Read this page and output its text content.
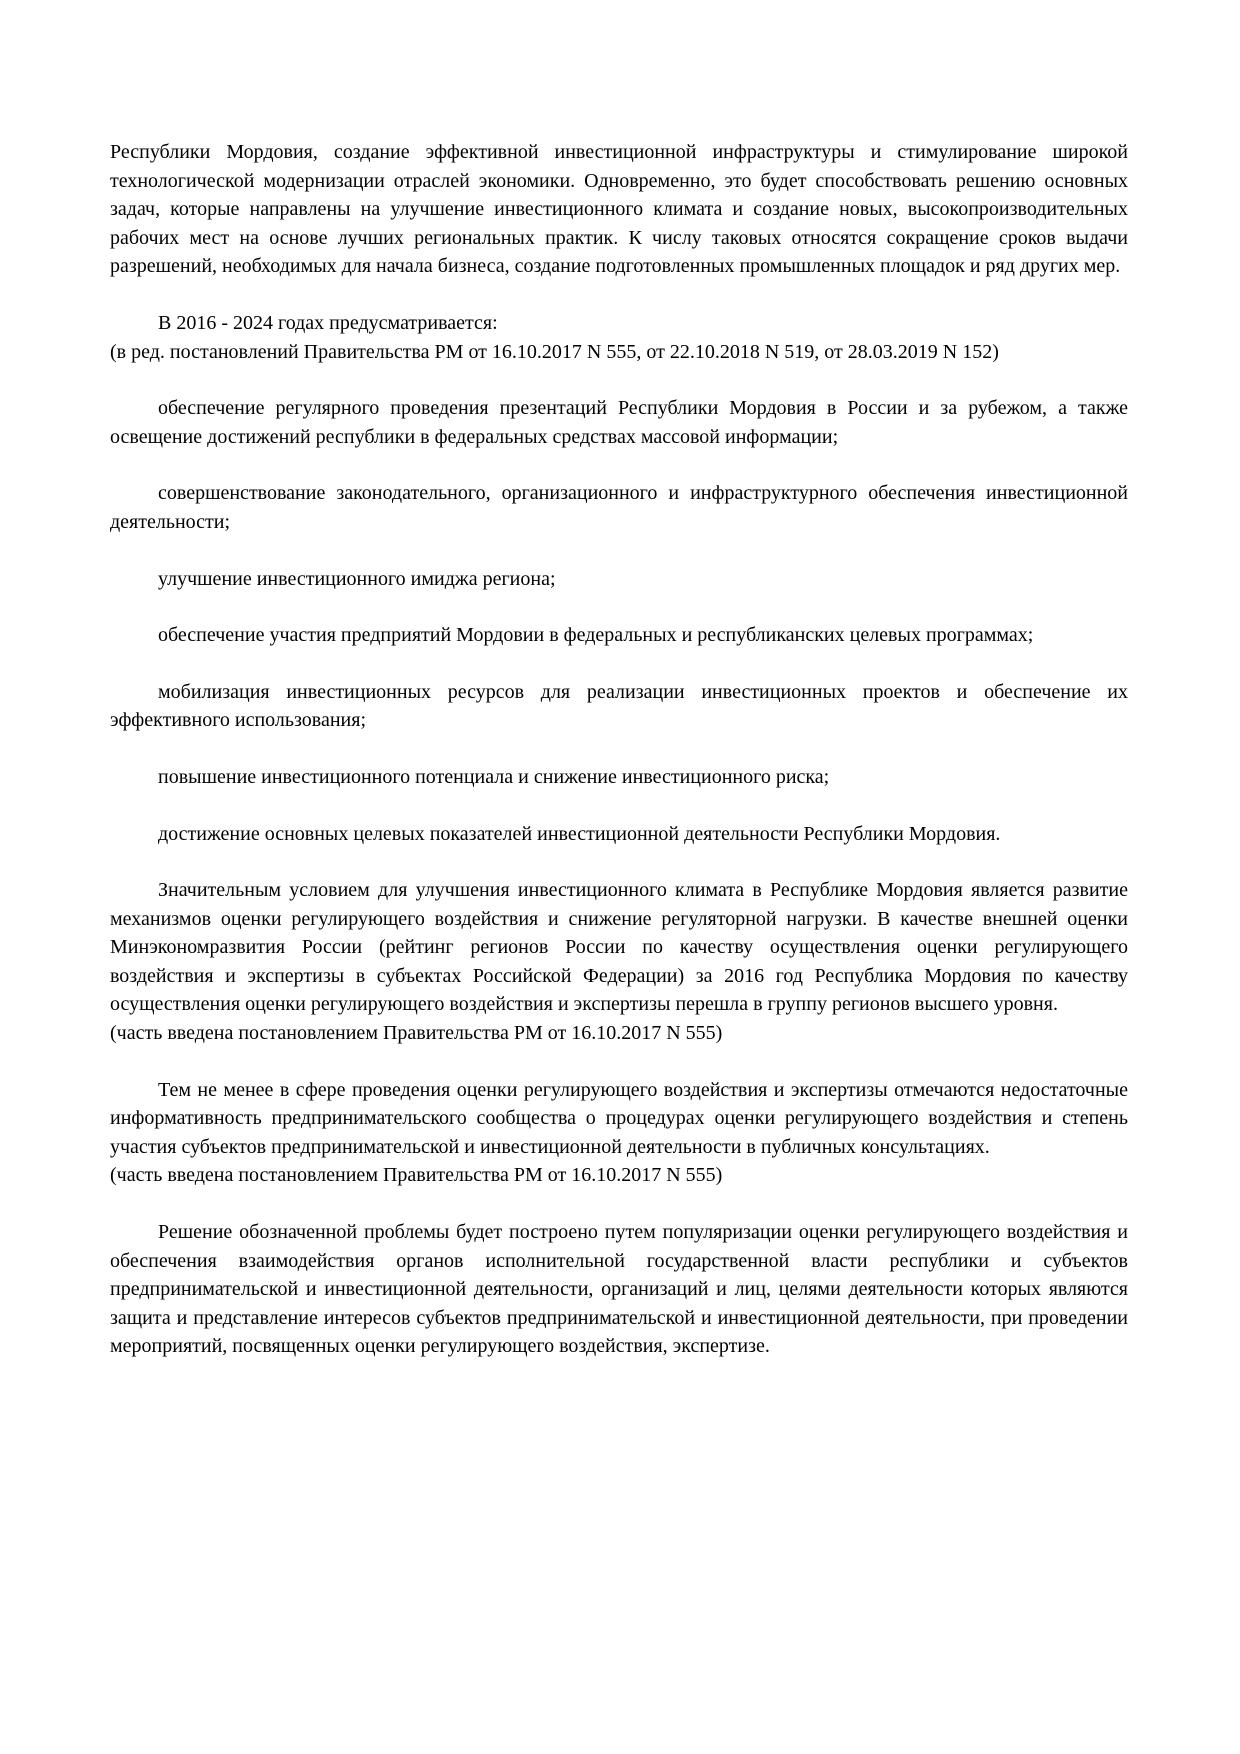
Республики Мордовия, создание эффективной инвестиционной инфраструктуры и стимулирование широкой технологической модернизации отраслей экономики. Одновременно, это будет способствовать решению основных задач, которые направлены на улучшение инвестиционного климата и создание новых, высокопроизводительных рабочих мест на основе лучших региональных практик. К числу таковых относятся сокращение сроков выдачи разрешений, необходимых для начала бизнеса, создание подготовленных промышленных площадок и ряд других мер.

В 2016 - 2024 годах предусматривается:

(в ред. постановлений Правительства РМ от 16.10.2017 N 555, от 22.10.2018 N 519, от 28.03.2019 N 152)

обеспечение регулярного проведения презентаций Республики Мордовия в России и за рубежом, а также освещение достижений республики в федеральных средствах массовой информации;

совершенствование законодательного, организационного и инфраструктурного обеспечения инвестиционной деятельности;

улучшение инвестиционного имиджа региона;

обеспечение участия предприятий Мордовии в федеральных и республиканских целевых программах;

мобилизация инвестиционных ресурсов для реализации инвестиционных проектов и обеспечение их эффективного использования;

повышение инвестиционного потенциала и снижение инвестиционного риска;

достижение основных целевых показателей инвестиционной деятельности Республики Мордовия.

Значительным условием для улучшения инвестиционного климата в Республике Мордовия является развитие механизмов оценки регулирующего воздействия и снижение регуляторной нагрузки. В качестве внешней оценки Минэкономразвития России (рейтинг регионов России по качеству осуществления оценки регулирующего воздействия и экспертизы в субъектах Российской Федерации) за 2016 год Республика Мордовия по качеству осуществления оценки регулирующего воздействия и экспертизы перешла в группу регионов высшего уровня.

(часть введена постановлением Правительства РМ от 16.10.2017 N 555)

Тем не менее в сфере проведения оценки регулирующего воздействия и экспертизы отмечаются недостаточные информативность предпринимательского сообщества о процедурах оценки регулирующего воздействия и степень участия субъектов предпринимательской и инвестиционной деятельности в публичных консультациях.

(часть введена постановлением Правительства РМ от 16.10.2017 N 555)

Решение обозначенной проблемы будет построено путем популяризации оценки регулирующего воздействия и обеспечения взаимодействия органов исполнительной государственной власти республики и субъектов предпринимательской и инвестиционной деятельности, организаций и лиц, целями деятельности которых являются защита и представление интересов субъектов предпринимательской и инвестиционной деятельности, при проведении мероприятий, посвященных оценки регулирующего воздействия, экспертизе.
